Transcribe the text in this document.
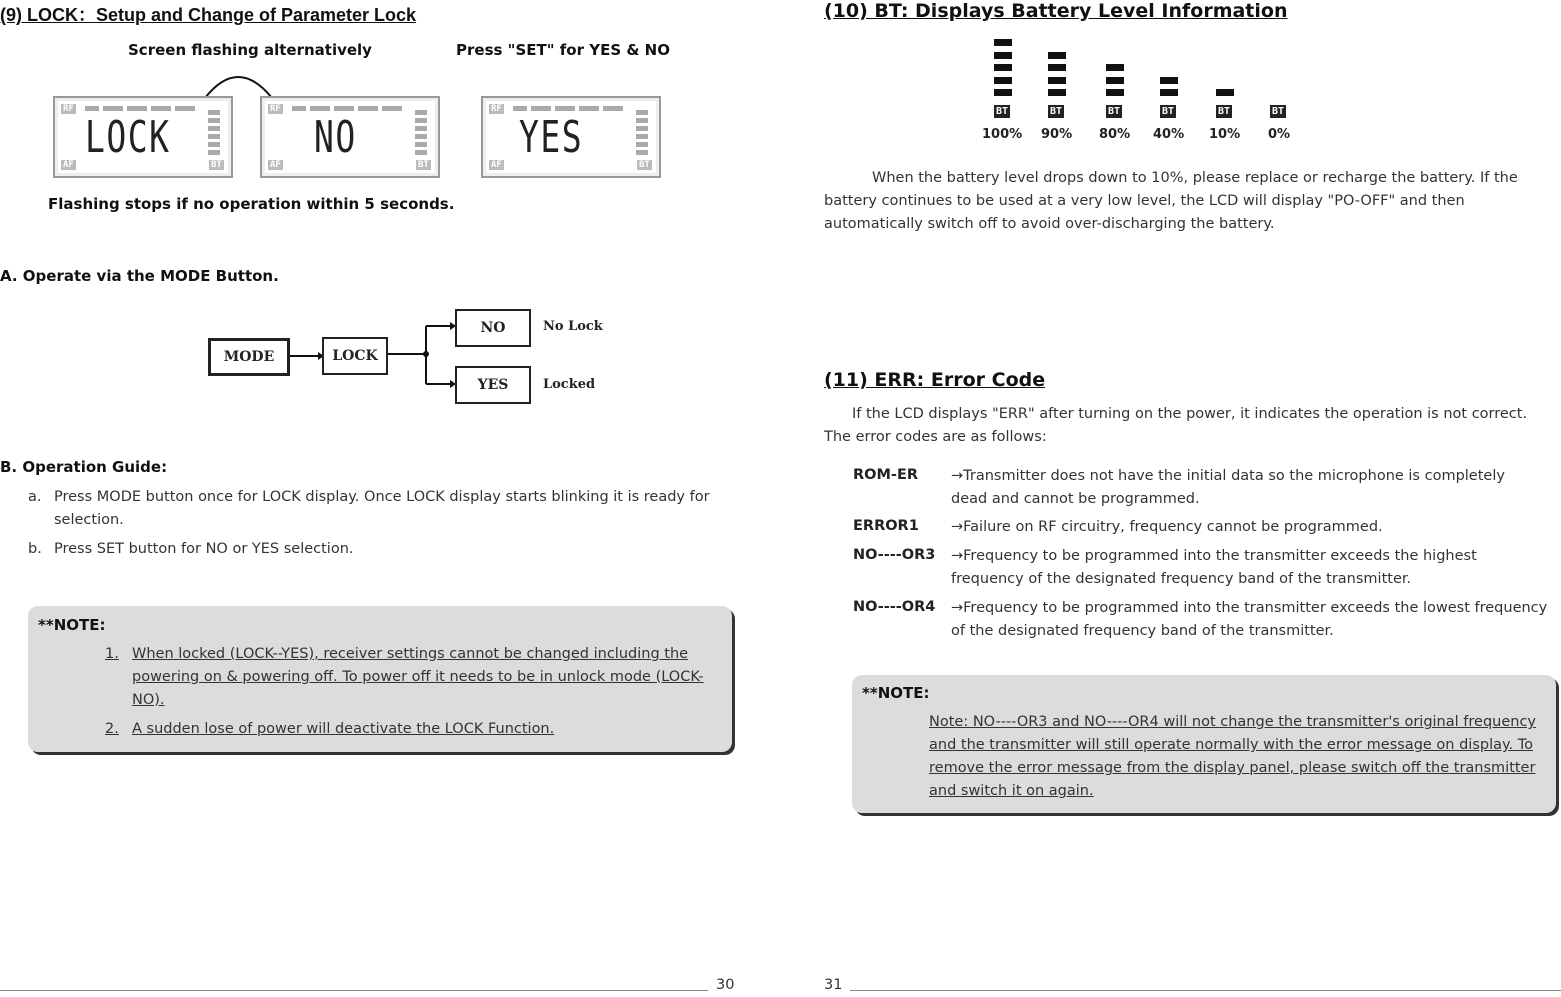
(9) LOCK：Setup and Change of Parameter Lock
Screen flashing alternatively	Press "SET" for YES & NO
RF
LOCK
AF	BT
RF
NO
AF	BT
RF
YES
AF	BT
Flashing stops if no operation within 5 seconds.
A. Operate via the MODE Button.
MODE	LOCK
NO
YES
No Lock
Locked
B. Operation Guide:
a. Press MODE button once for LOCK display. Once LOCK display starts blinking it is ready for selection.
b. Press SET button for NO or YES selection.
**NOTE:
1. When locked (LOCK--YES), receiver settings cannot be changed including the powering on & powering off. To power off it needs to be in unlock mode (LOCK-NO).
2. A sudden lose of power will deactivate the LOCK Function.
30
(10) BT: Displays Battery Level Information
BT
100%
BT
90%
BT
80%
BT
40%
BT
10%
BT
0%
When the battery level drops down to 10%, please replace or recharge the battery. If the battery continues to be used at a very low level, the LCD will display "PO-OFF" and then automatically switch off to avoid over-discharging the battery.
(11) ERR: Error Code
If the LCD displays "ERR" after turning on the power, it indicates the operation is not correct. The error codes are as follows:
ROM-ER →Transmitter does not have the initial data so the microphone is completely dead and cannot be programmed.
ERROR1 →Failure on RF circuitry, frequency cannot be programmed.
NO----OR3 →Frequency to be programmed into the transmitter exceeds the highest frequency of the designated frequency band of the transmitter.
NO----OR4 →Frequency to be programmed into the transmitter exceeds the lowest frequency of the designated frequency band of the transmitter.
**NOTE:
Note: NO----OR3 and NO----OR4 will not change the transmitter's original frequency and the transmitter will still operate normally with the error message on display. To remove the error message from the display panel, please switch off the transmitter and switch it on again.
31
